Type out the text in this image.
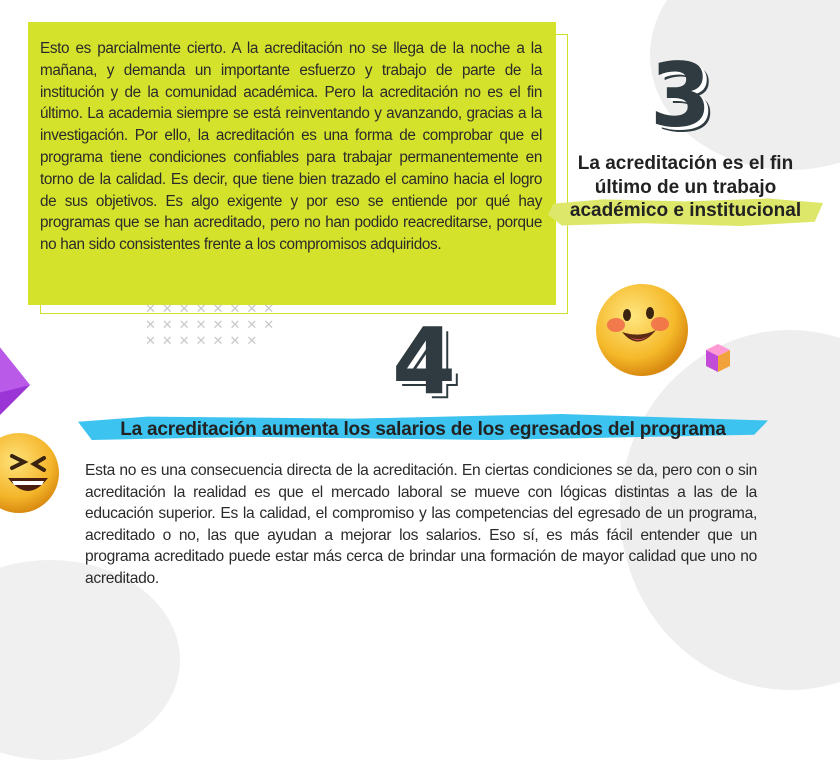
Esto es parcialmente cierto. A la acreditación no se llega de la noche a la mañana, y demanda un importante esfuerzo y trabajo de parte de la institución y de la comunidad académica. Pero la acreditación no es el fin último. La academia siempre se está reinventando y avanzando, gracias a la investigación. Por ello, la acreditación es una forma de comprobar que el programa tiene condiciones confiables para trabajar permanentemente en torno de la calidad. Es decir, que tiene bien trazado el camino hacia el logro de sus objetivos. Es algo exigente y por eso se entiende por qué hay programas que se han acreditado, pero no han podido reacreditarse, porque no han sido consistentes frente a los compromisos adquiridos.

✕✕✕✕✕✕✕✕
✕✕✕✕✕✕✕✕
✕✕✕✕✕✕✕
3
La acreditación es el fin último de un trabajo académico e institucional
4
La acreditación aumenta los salarios de los egresados del programa

Esta no es una consecuencia directa de la acreditación. En ciertas condiciones se da, pero con o sin acreditación la realidad es que el mercado laboral se mueve con lógicas distintas a las de la educación superior. Es la calidad, el compromiso y las competencias del egresado de un programa, acreditado o no, las que ayudan a mejorar los salarios. Eso sí, es más fácil entender que un programa acreditado puede estar más cerca de brindar una formación de mayor calidad que uno no acreditado.
